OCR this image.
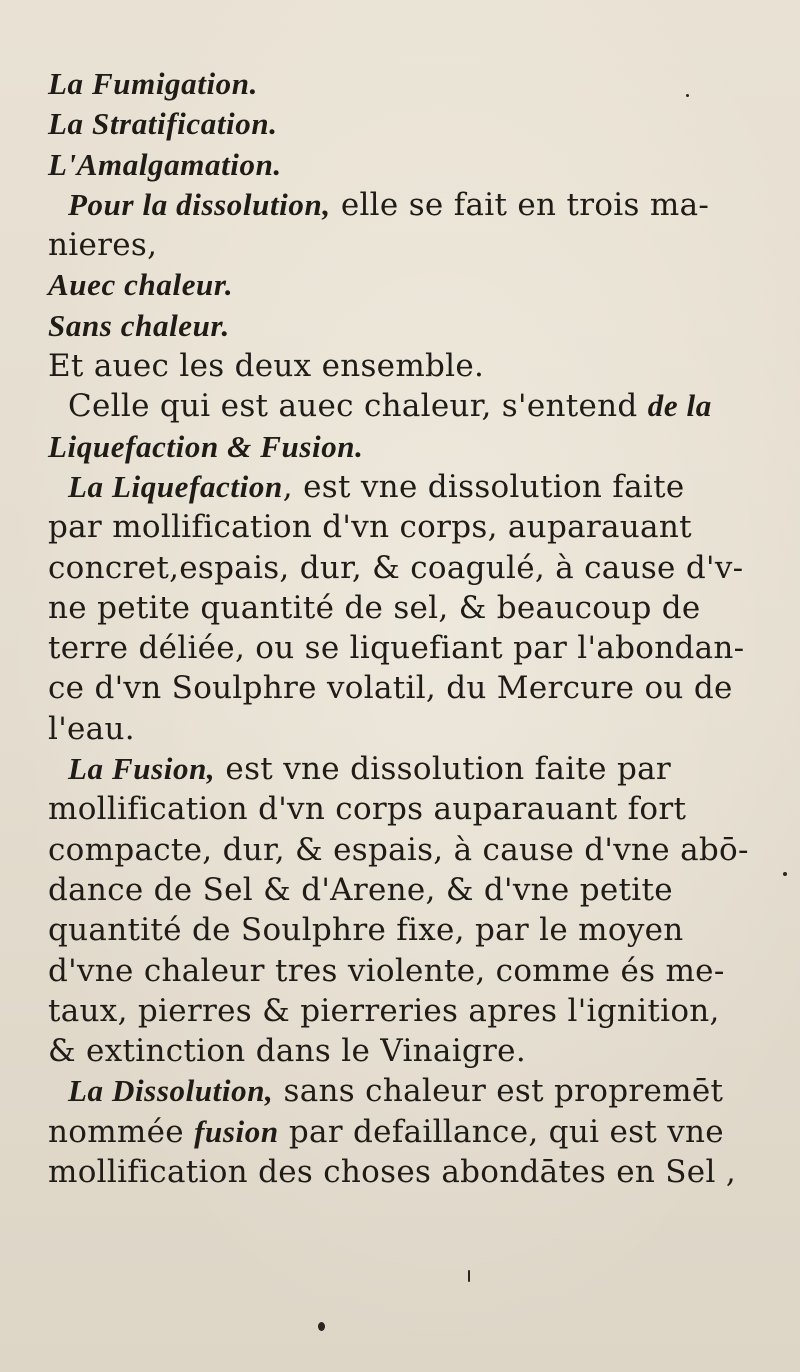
La Fumigation.
La Stratification.
L'Amalgamation.
Pour la dissolution, elle se fait en trois ma-
nieres,
Auec chaleur.
Sans chaleur.
Et auec les deux ensemble.
Celle qui est auec chaleur, s'entend de la
Liquefaction & Fusion.
La Liquefaction, est vne dissolution faite
par mollification d'vn corps, auparauant
concret,espais, dur, & coagulé, à cause d'v-
ne petite quantité de sel, & beaucoup de
terre déliée, ou se liquefiant par l'abondan-
ce d'vn Soulphre volatil, du Mercure ou de
l'eau.
La Fusion, est vne dissolution faite par
mollification d'vn corps auparauant fort
compacte, dur, & espais, à cause d'vne abō-
dance de Sel & d'Arene, & d'vne petite
quantité de Soulphre fixe, par le moyen
d'vne chaleur tres violente, comme és me-
taux, pierres & pierreries apres l'ignition,
& extinction dans le Vinaigre.
La Dissolution, sans chaleur est propremēt
nommée fusion par defaillance, qui est vne
mollification des choses abondātes en Sel ,
